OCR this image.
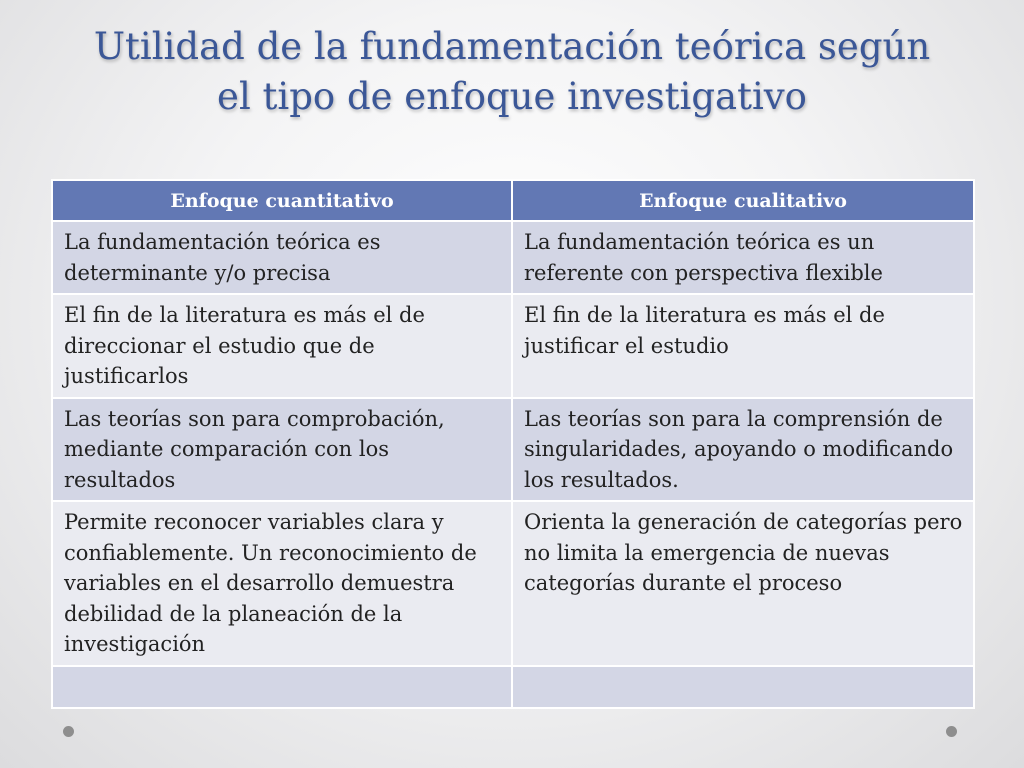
Utilidad de la fundamentación teórica según
el tipo de enfoque investigativo
Enfoque cuantitativo	Enfoque cualitativo
La fundamentación teórica es determinante y/o precisa	La fundamentación teórica es un referente con perspectiva flexible
El fin de la literatura es más el de direccionar el estudio que de justificarlos	El fin de la literatura es más el de justificar el estudio
Las teorías son para comprobación, mediante comparación con los resultados	Las teorías son para la comprensión de singularidades, apoyando o modificando los resultados.
Permite reconocer variables clara y confiablemente. Un reconocimiento de variables en el desarrollo demuestra debilidad de la planeación de la investigación	Orienta la generación de categorías pero no limita la emergencia de nuevas categorías durante el proceso
